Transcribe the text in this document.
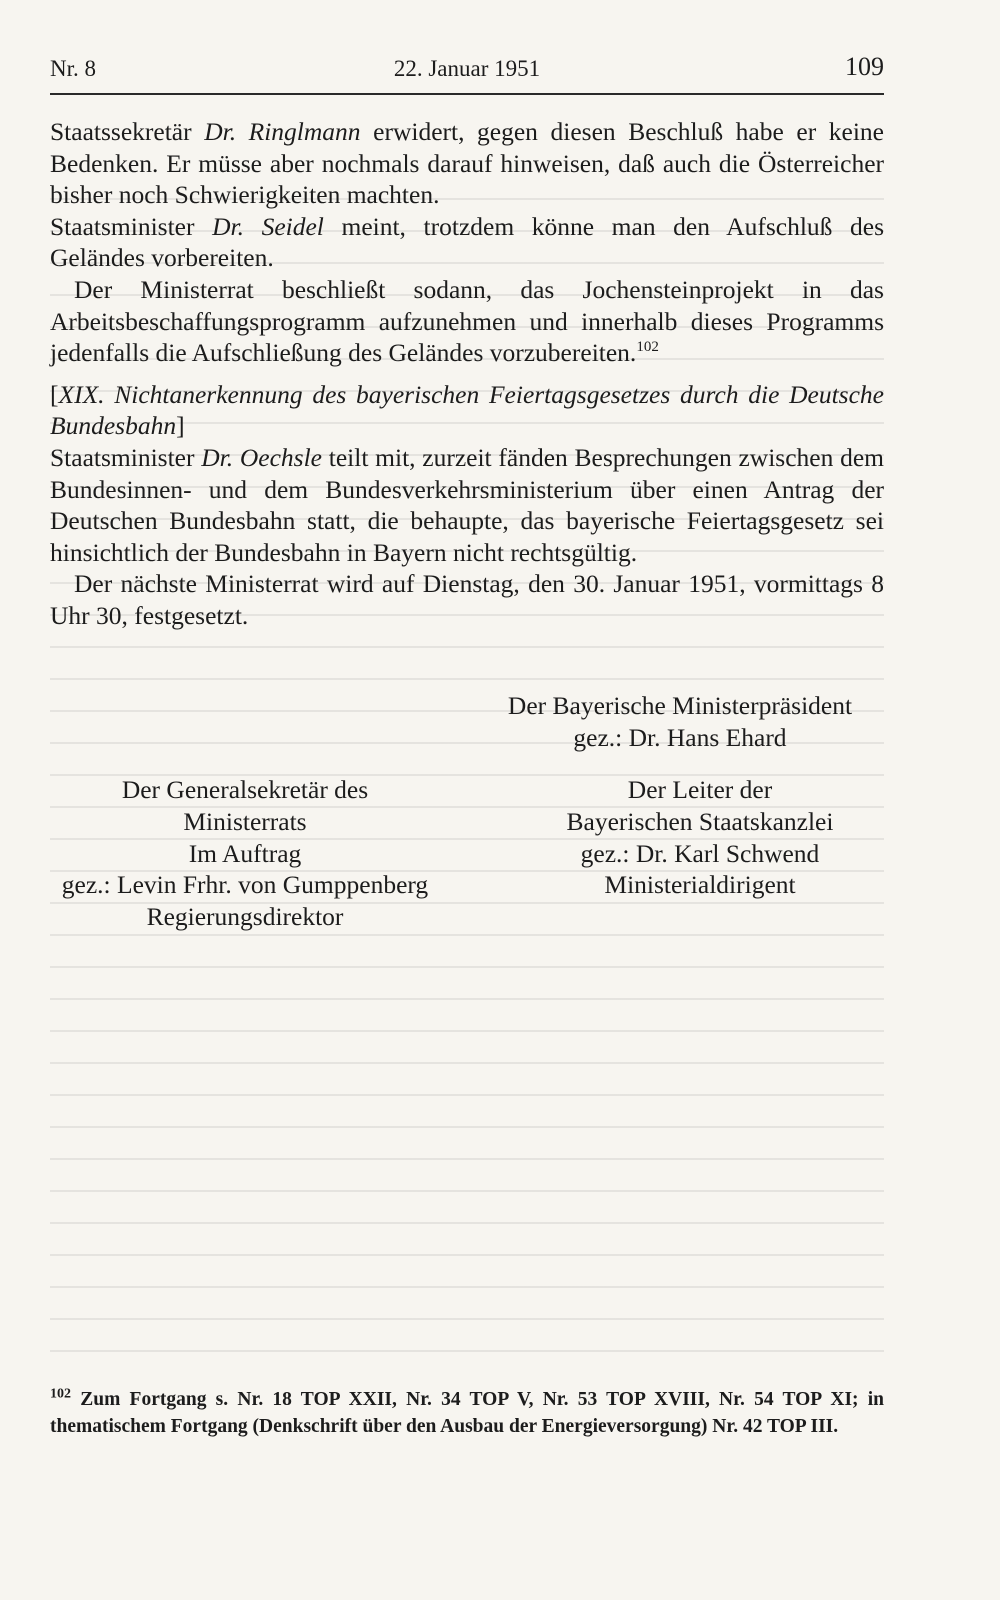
Nr. 8	22. Januar 1951	109

Staatssekretär Dr. Ringlmann erwidert, gegen diesen Beschluß habe er keine Bedenken. Er müsse aber nochmals darauf hinweisen, daß auch die Österreicher bisher noch Schwierigkeiten machten.

Staatsminister Dr. Seidel meint, trotzdem könne man den Aufschluß des Geländes vorbereiten.

Der Ministerrat beschließt sodann, das Jochensteinprojekt in das Arbeitsbeschaffungsprogramm aufzunehmen und innerhalb dieses Programms jedenfalls die Aufschließung des Geländes vorzubereiten.$^{102}$

[XIX. Nichtanerkennung des bayerischen Feiertagsgesetzes durch die Deutsche Bundesbahn]

Staatsminister Dr. Oechsle teilt mit, zurzeit fänden Besprechungen zwischen dem Bundesinnen- und dem Bundesverkehrsministerium über einen Antrag der Deutschen Bundesbahn statt, die behaupte, das bayerische Feiertagsgesetz sei hinsichtlich der Bundesbahn in Bayern nicht rechtsgültig.

Der nächste Ministerrat wird auf Dienstag, den 30. Januar 1951, vormittags 8 Uhr 30, festgesetzt.

Der Bayerische Ministerpräsident
gez.: Dr. Hans Ehard
Der Generalsekretär des
Ministerrats
Im Auftrag
gez.: Levin Frhr. von Gumppenberg
Regierungsdirektor
Der Leiter der
Bayerischen Staatskanzlei
gez.: Dr. Karl Schwend
Ministerialdirigent
$^{102}$ Zum Fortgang s. Nr. 18 TOP XXII, Nr. 34 TOP V, Nr. 53 TOP XVIII, Nr. 54 TOP XI; in thematischem Fortgang (Denkschrift über den Ausbau der Energieversorgung) Nr. 42 TOP III.
